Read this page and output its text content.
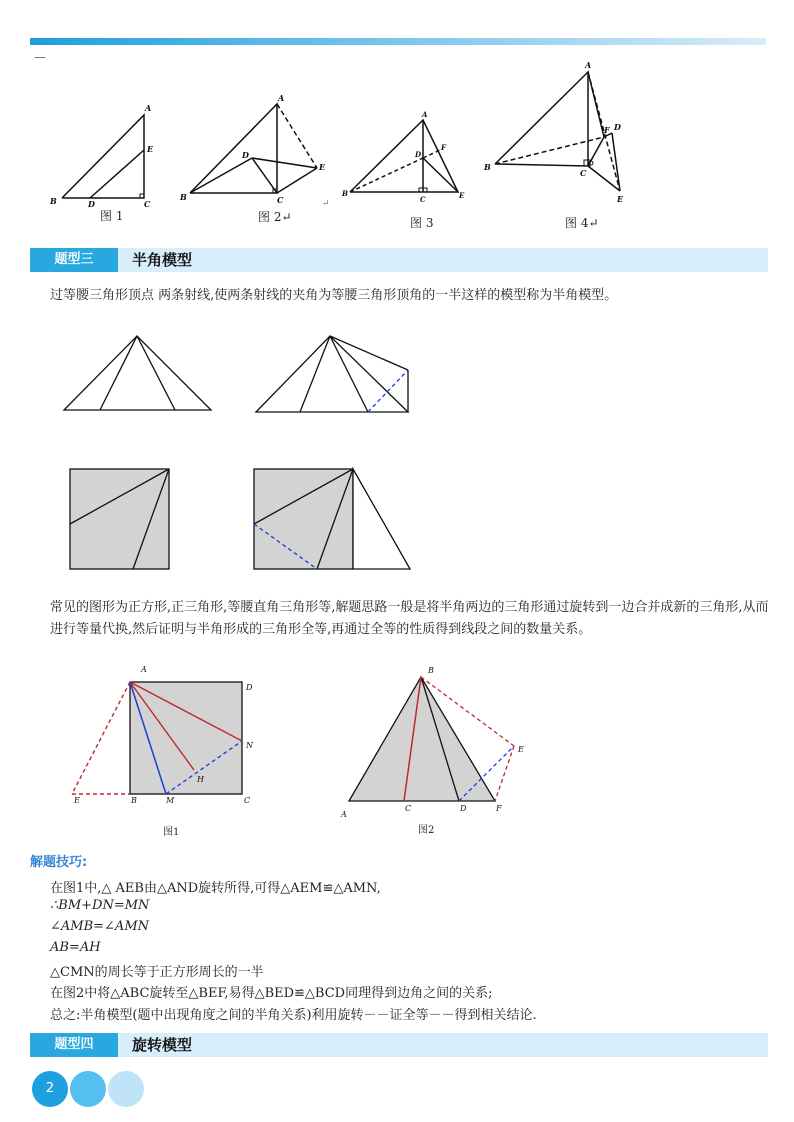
—
A
E
B	D	C
图 1
A
D
E
B	C	↵
图 2↵
A
D
F
B
C	E
图 3
A
F D
B
C
E
图 4↵
题型三	半角模型
过等腰三角形顶点 两条射线,使两条射线的夹角为等腰三角形顶角的一半这样的模型称为半角模型。
常见的图形为正方形,正三角形,等腰直角三角形等,解题思路一般是将半角两边的三角形通过旋转到一边合并成新的三角形,从而进行等量代换,然后证明与半角形成的三角形全等,再通过全等的性质得到线段之间的数量关系。
A
D
N
H
E	B	M	C
图1
B
E
A
C	D	F
图2
解题技巧:
在图1中,△ AEB由△AND旋转所得,可得△AEM≌△AMN,
∴BM+DN=MN
∠AMB=∠AMN
AB=AH
△CMN的周长等于正方形周长的一半
在图2中将△ABC旋转至△BEF,易得△BED≌△BCD同理得到边角之间的关系;
总之:半角模型(题中出现角度之间的半角关系)利用旋转－－证全等－－得到相关结论.
题型四	旋转模型
2
